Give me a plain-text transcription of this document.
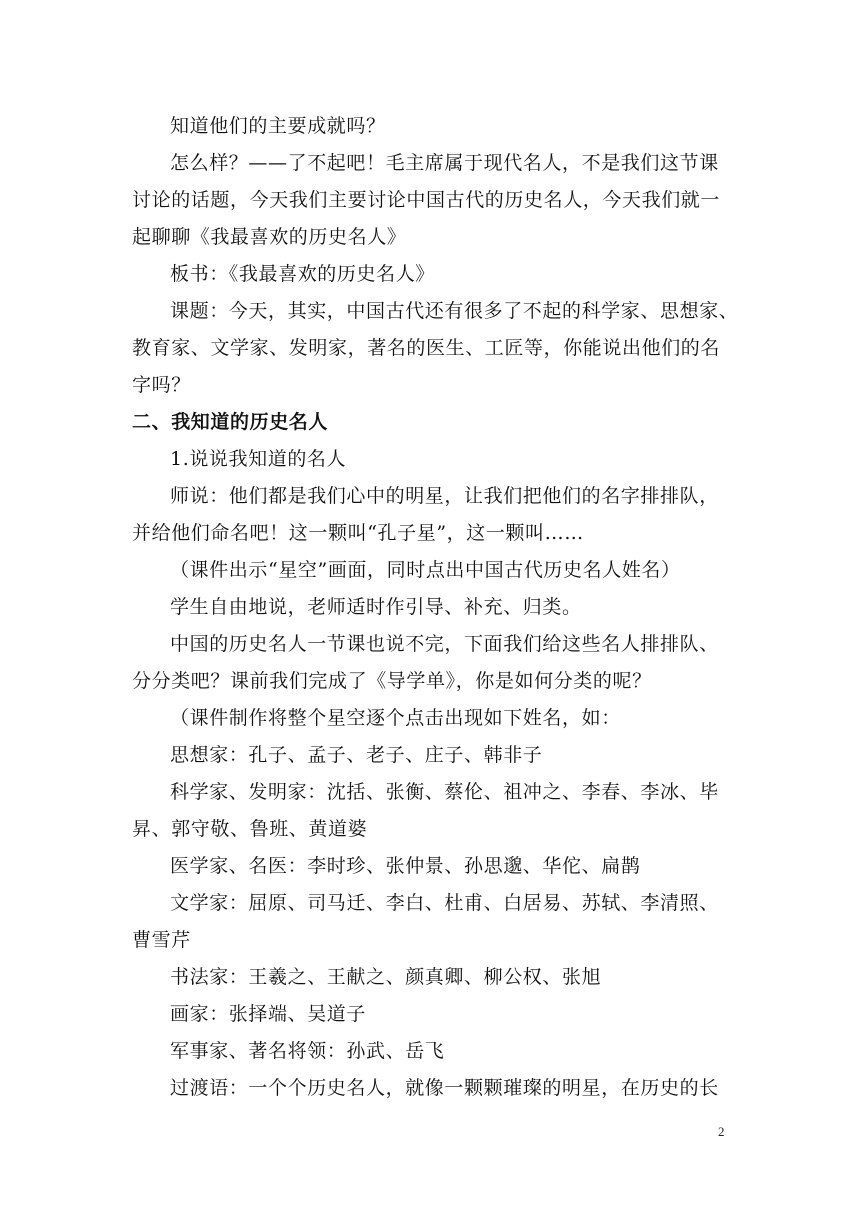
知道他们的主要成就吗？
怎么样？——了不起吧！毛主席属于现代名人，不是我们这节课
讨论的话题，今天我们主要讨论中国古代的历史名人，今天我们就一
起聊聊《我最喜欢的历史名人》
板书：《我最喜欢的历史名人》
课题：今天，其实，中国古代还有很多了不起的科学家、思想家、
教育家、文学家、发明家，著名的医生、工匠等，你能说出他们的名
字吗？
二、我知道的历史名人
1.说说我知道的名人
师说：他们都是我们心中的明星，让我们把他们的名字排排队，
并给他们命名吧！这一颗叫“孔子星”，这一颗叫……
（课件出示“星空”画面，同时点出中国古代历史名人姓名）
学生自由地说，老师适时作引导、补充、归类。
中国的历史名人一节课也说不完，下面我们给这些名人排排队、
分分类吧？课前我们完成了《导学单》，你是如何分类的呢？
（课件制作将整个星空逐个点击出现如下姓名，如：
思想家：孔子、孟子、老子、庄子、韩非子
科学家、发明家：沈括、张衡、蔡伦、祖冲之、李春、李冰、毕
昇、郭守敬、鲁班、黄道婆
医学家、名医：李时珍、张仲景、孙思邈、华佗、扁鹊
文学家：屈原、司马迁、李白、杜甫、白居易、苏轼、李清照、
曹雪芹
书法家：王羲之、王献之、颜真卿、柳公权、张旭
画家：张择端、吴道子
军事家、著名将领：孙武、岳飞
过渡语：一个个历史名人，就像一颗颗璀璨的明星，在历史的长
2
